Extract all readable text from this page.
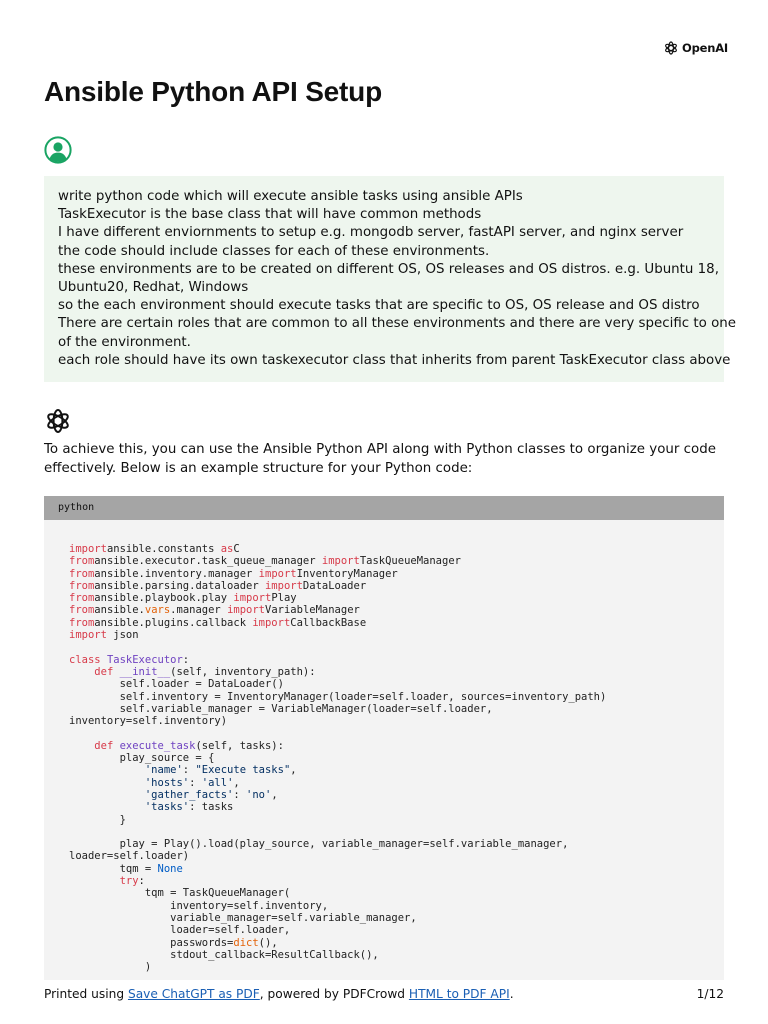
OpenAI
Ansible Python API Setup
write python code which will execute ansible tasks using ansible APIs
TaskExecutor is the base class that will have common methods
I have different enviornments to setup e.g. mongodb server, fastAPI server, and nginx server
the code should include classes for each of these environments.
these environments are to be created on different OS, OS releases and OS distros. e.g. Ubuntu 18,
Ubuntu20, Redhat, Windows
so the each environment should execute tasks that are specific to OS, OS release and OS distro
There are certain roles that are common to all these environments and there are very specific to one
of the environment.
each role should have its own taskexecutor class that inherits from parent TaskExecutor class above
To achieve this, you can use the Ansible Python API along with Python classes to organize your code
effectively. Below is an example structure for your Python code:
python
importansible.constants asC
fromansible.executor.task_queue_manager importTaskQueueManager
fromansible.inventory.manager importInventoryManager
fromansible.parsing.dataloader importDataLoader
fromansible.playbook.play importPlay
fromansible.vars.manager importVariableManager
fromansible.plugins.callback importCallbackBase
import json

class TaskExecutor:
def __init__(self, inventory_path):
self.loader = DataLoader()
self.inventory = InventoryManager(loader=self.loader, sources=inventory_path)
self.variable_manager = VariableManager(loader=self.loader,
inventory=self.inventory)

def execute_task(self, tasks):
play_source = {
'name': "Execute tasks",
'hosts': 'all',
'gather_facts': 'no',
'tasks': tasks
}

play = Play().load(play_source, variable_manager=self.variable_manager,
loader=self.loader)
tqm = None
try:
tqm = TaskQueueManager(
inventory=self.inventory,
variable_manager=self.variable_manager,
loader=self.loader,
passwords=dict(),
stdout_callback=ResultCallback(),
)

Printed using Save ChatGPT as PDF, powered by PDFCrowd HTML to PDF API.	1/12
